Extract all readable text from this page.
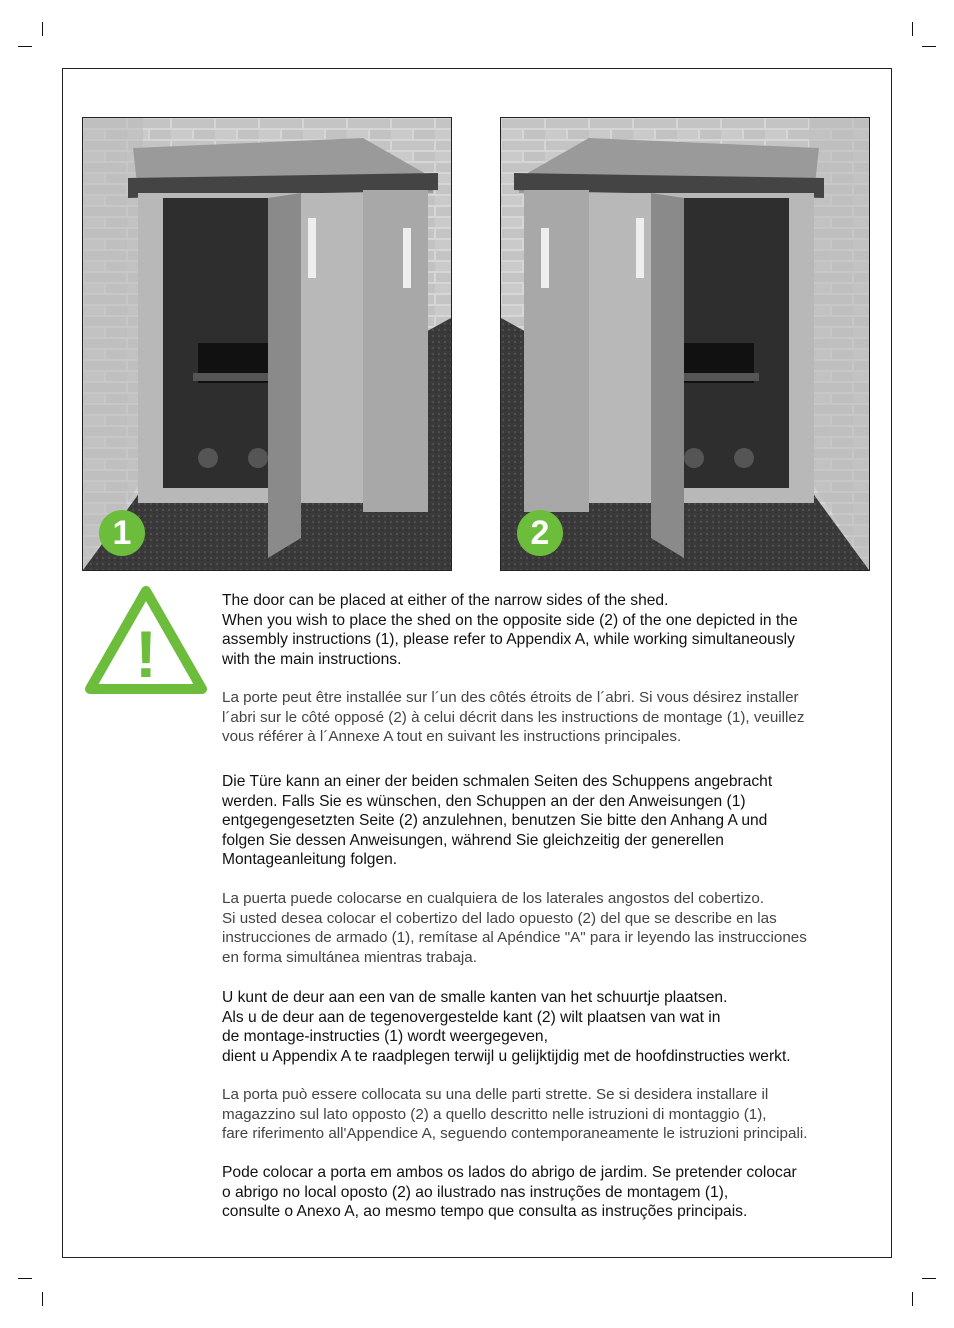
1	2
!

The door can be placed at either of the narrow sides of the shed.

When you wish to place the shed on the opposite side (2) of the one depicted in the

assembly instructions (1), please refer to Appendix A, while working simultaneously

with the main instructions.

La porte peut être installée sur l´un des côtés étroits de l´abri. Si vous désirez installer

l´abri sur le côté opposé (2) à celui décrit dans les instructions de montage (1), veuillez

vous référer à l´Annexe A tout en suivant les instructions principales.

Die Türe kann an einer der beiden schmalen Seiten des Schuppens angebracht

werden. Falls Sie es wünschen, den Schuppen an der den Anweisungen (1)

entgegengesetzten Seite (2) anzulehnen, benutzen Sie bitte den Anhang A und

folgen Sie dessen Anweisungen, während Sie gleichzeitig der generellen

Montageanleitung folgen.

La puerta puede colocarse en cualquiera de los laterales angostos del cobertizo.

Si usted desea colocar el cobertizo del lado opuesto (2) del que se describe en las

instrucciones de armado (1), remítase al Apéndice "A" para ir leyendo las instrucciones

en forma simultánea mientras trabaja.

U kunt de deur aan een van de smalle kanten van het schuurtje plaatsen.

Als u de deur aan de tegenovergestelde kant (2) wilt plaatsen van wat in

de montage-instructies (1) wordt weergegeven,

dient u Appendix A te raadplegen terwijl u gelijktijdig met de hoofdinstructies werkt.

La porta può essere collocata su una delle parti strette. Se si desidera installare il

magazzino sul lato opposto (2) a quello descritto nelle istruzioni di montaggio (1),

fare riferimento all'Appendice A, seguendo contemporaneamente le istruzioni principali.

Pode colocar a porta em ambos os lados do abrigo de jardim. Se pretender colocar

o abrigo no local oposto (2) ao ilustrado nas instruções de montagem (1),

consulte o Anexo A, ao mesmo tempo que consulta as instruções principais.
